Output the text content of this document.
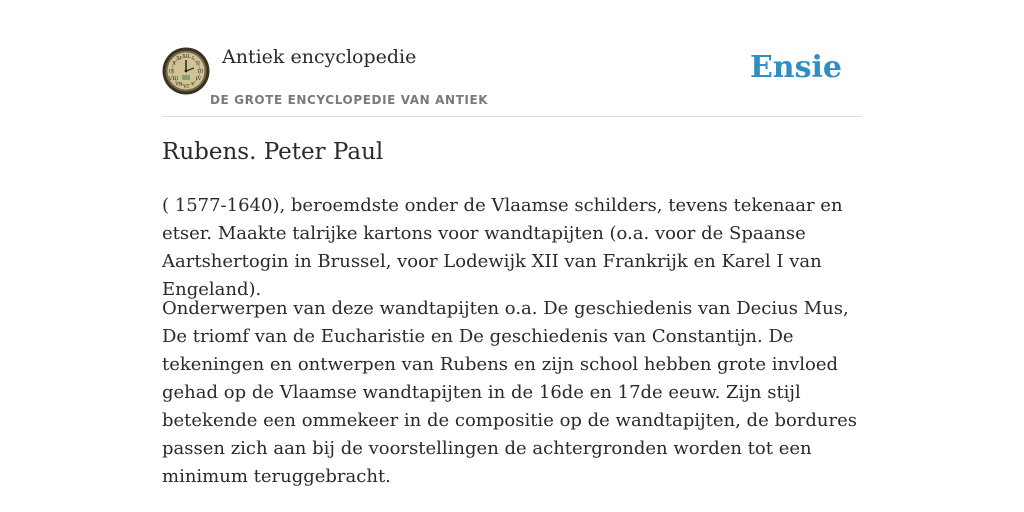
XII I
II
III
IV
V
VI
VII
VIII
IX
X
XI Antiek encyclopedie
DE GROTE ENCYCLOPEDIE VAN ANTIEK
Ensie
Rubens. Peter Paul

( 1577-1640), beroemdste onder de Vlaamse schilders, tevens tekenaar en etser. Maakte talrijke kartons voor wandtapijten (o.a. voor de Spaanse Aartshertogin in Brussel, voor Lodewijk XII van Frankrijk en Karel I van Engeland).

Onderwerpen van deze wandtapijten o.a. De geschiedenis van Decius Mus, De triomf van de Eucharistie en De geschiedenis van Constantijn. De tekeningen en ontwerpen van Rubens en zijn school hebben grote invloed gehad op de Vlaamse wandtapijten in de 16de en 17de eeuw. Zijn stijl betekende een ommekeer in de compositie op de wandtapijten, de bordures passen zich aan bij de voorstellingen de achtergronden worden tot een minimum teruggebracht.
